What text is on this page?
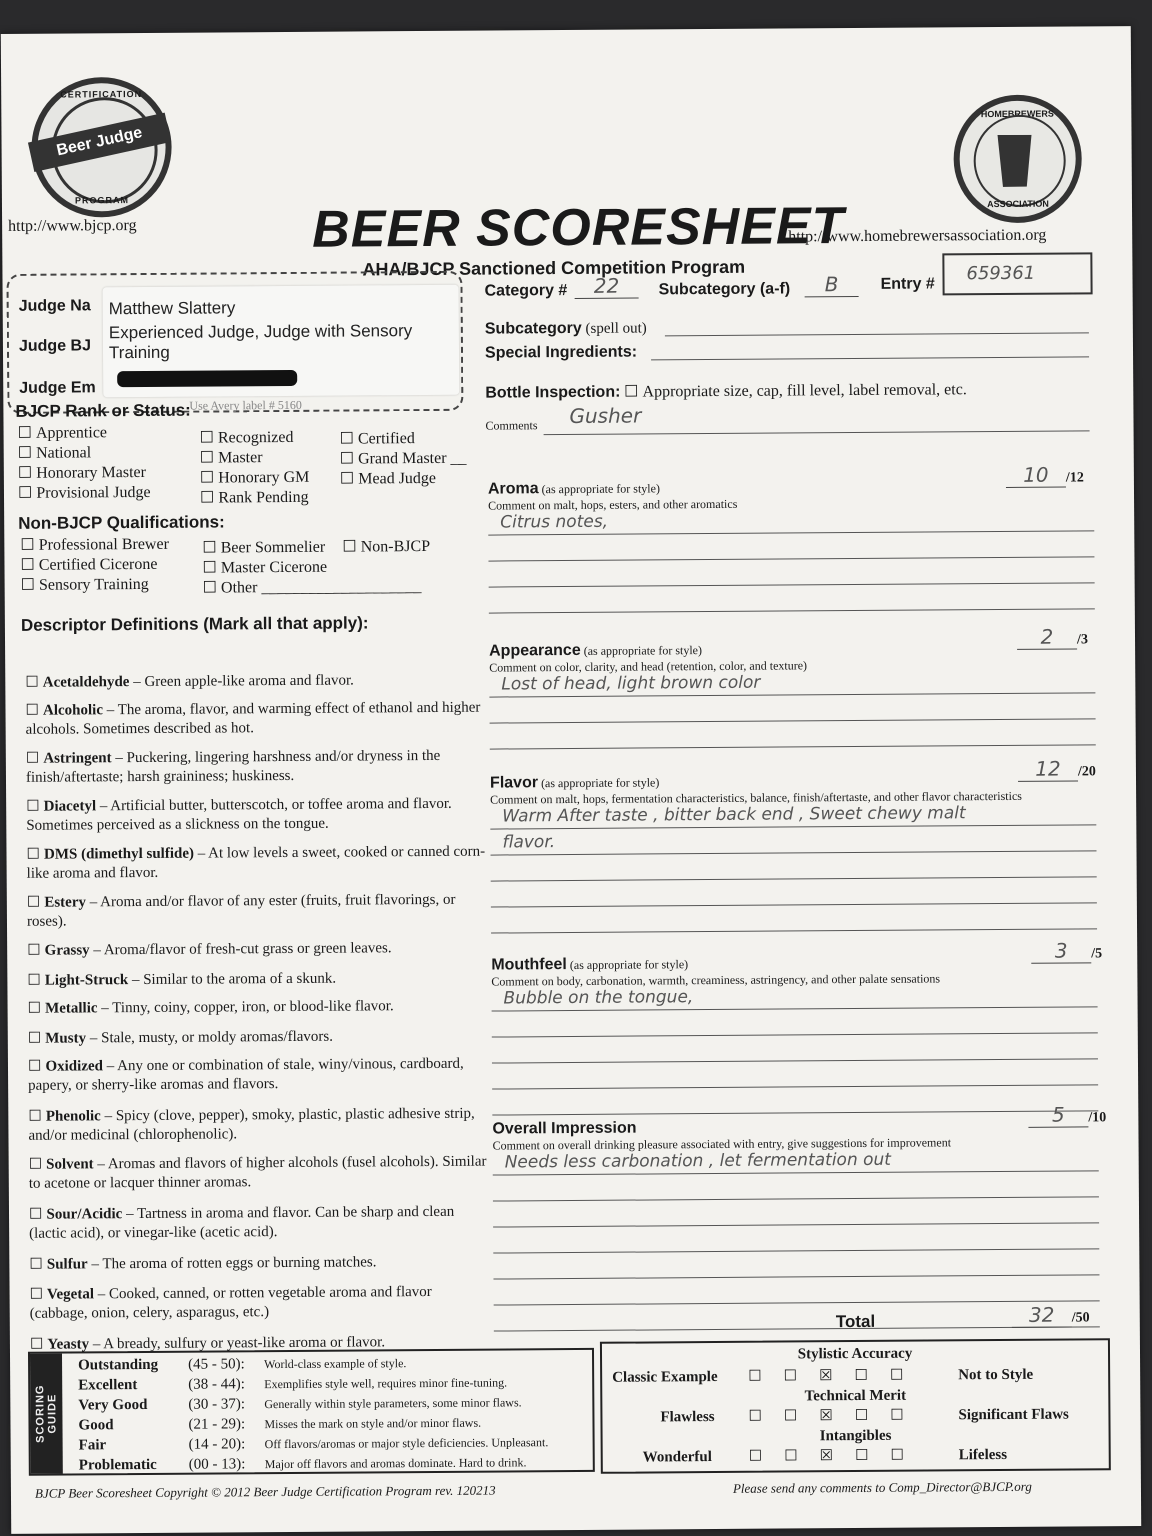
CERTIFICATION
Beer Judge
PROGRAM
HOMEBREWERS
ASSOCIATION
http://www.bjcp.org	BEER SCORESHEET
AHA/BJCP Sanctioned Competition Program
http://www.homebrewersassociation.org
Judge Na
Judge BJ
Judge Em
Matthew Slattery
Experienced Judge, Judge with Sensory
Training
Use Avery label # 5160
BJCP Rank or Status:
☐ Apprentice
☐ National
☐ Honorary Master
☐ Provisional Judge
☐ Recognized
☐ Master
☐ Honorary GM
☐ Rank Pending
☐ Certified
☐ Grand Master __
☐ Mead Judge
Non-BJCP Qualifications:
☐ Professional Brewer
☐ Certified Cicerone
☐ Sensory Training
☐ Beer Sommelier
☐ Master Cicerone
☐ Other ____________________
☐ Non-BJCP
Descriptor Definitions (Mark all that apply):
☐ Acetaldehyde – Green apple-like aroma and flavor.
☐ Alcoholic – The aroma, flavor, and warming effect of ethanol and higher alcohols. Sometimes described as hot.
☐ Astringent – Puckering, lingering harshness and/or dryness in the finish/aftertaste; harsh graininess; huskiness.
☐ Diacetyl – Artificial butter, butterscotch, or toffee aroma and flavor. Sometimes perceived as a slickness on the tongue.
☐ DMS (dimethyl sulfide) – At low levels a sweet, cooked or canned corn-like aroma and flavor.
☐ Estery – Aroma and/or flavor of any ester (fruits, fruit flavorings, or roses).
☐ Grassy – Aroma/flavor of fresh-cut grass or green leaves.
☐ Light-Struck – Similar to the aroma of a skunk.
☐ Metallic – Tinny, coiny, copper, iron, or blood-like flavor.
☐ Musty – Stale, musty, or moldy aromas/flavors.
☐ Oxidized – Any one or combination of stale, winy/vinous, cardboard, papery, or sherry-like aromas and flavors.
☐ Phenolic – Spicy (clove, pepper), smoky, plastic, plastic adhesive strip, and/or medicinal (chlorophenolic).
☐ Solvent – Aromas and flavors of higher alcohols (fusel alcohols). Similar to acetone or lacquer thinner aromas.
☐ Sour/Acidic – Tartness in aroma and flavor. Can be sharp and clean (lactic acid), or vinegar-like (acetic acid).
☐ Sulfur – The aroma of rotten eggs or burning matches.
☐ Vegetal – Cooked, canned, or rotten vegetable aroma and flavor (cabbage, onion, celery, asparagus, etc.)
☐ Yeasty – A bready, sulfury or yeast-like aroma or flavor.
Category #	22	Subcategory (a-f)	B	Entry #	659361
Subcategory (spell out)
Special Ingredients:
Bottle Inspection: ☐ Appropriate size, cap, fill level, label removal, etc.
Comments Gusher
Aroma (as appropriate for style)
Comment on malt, hops, esters, and other aromatics
10 /12
Citrus notes,
Appearance (as appropriate for style)
Comment on color, clarity, and head (retention, color, and texture)
2 /3
Lost of head, light brown color
Flavor (as appropriate for style)
Comment on malt, hops, fermentation characteristics, balance, finish/aftertaste, and other flavor characteristics
12 /20
Warm After taste , bitter back end , Sweet chewy malt
flavor.
Mouthfeel (as appropriate for style)
Comment on body, carbonation, warmth, creaminess, astringency, and other palate sensations
3 /5
Bubble on the tongue,
Overall Impression
Comment on overall drinking pleasure associated with entry, give suggestions for improvement
5 /10
Needs less carbonation , let fermentation out
Total	32 /50
SCORING GUIDE
Outstanding (45 - 50): World-class example of style.
Excellent	(38 - 44): Exemplifies style well, requires minor fine-tuning.
Very Good	(30 - 37): Generally within style parameters, some minor flaws.
Good	(21 - 29): Misses the mark on style and/or minor flaws.
Fair	(14 - 20): Off flavors/aromas or major style deficiencies. Unpleasant.
Problematic (00 - 13): Major off flavors and aromas dominate. Hard to drink.
Stylistic Accuracy
Classic Example ☐☐☒☐☐ Not to Style
Technical Merit
Flawless ☐☐☒☐☐ Significant Flaws
Intangibles
Wonderful ☐☐☒☐☐ Lifeless
BJCP Beer Scoresheet Copyright © 2012 Beer Judge Certification Program rev. 120213	Please send any comments to Comp_Director@BJCP.org
